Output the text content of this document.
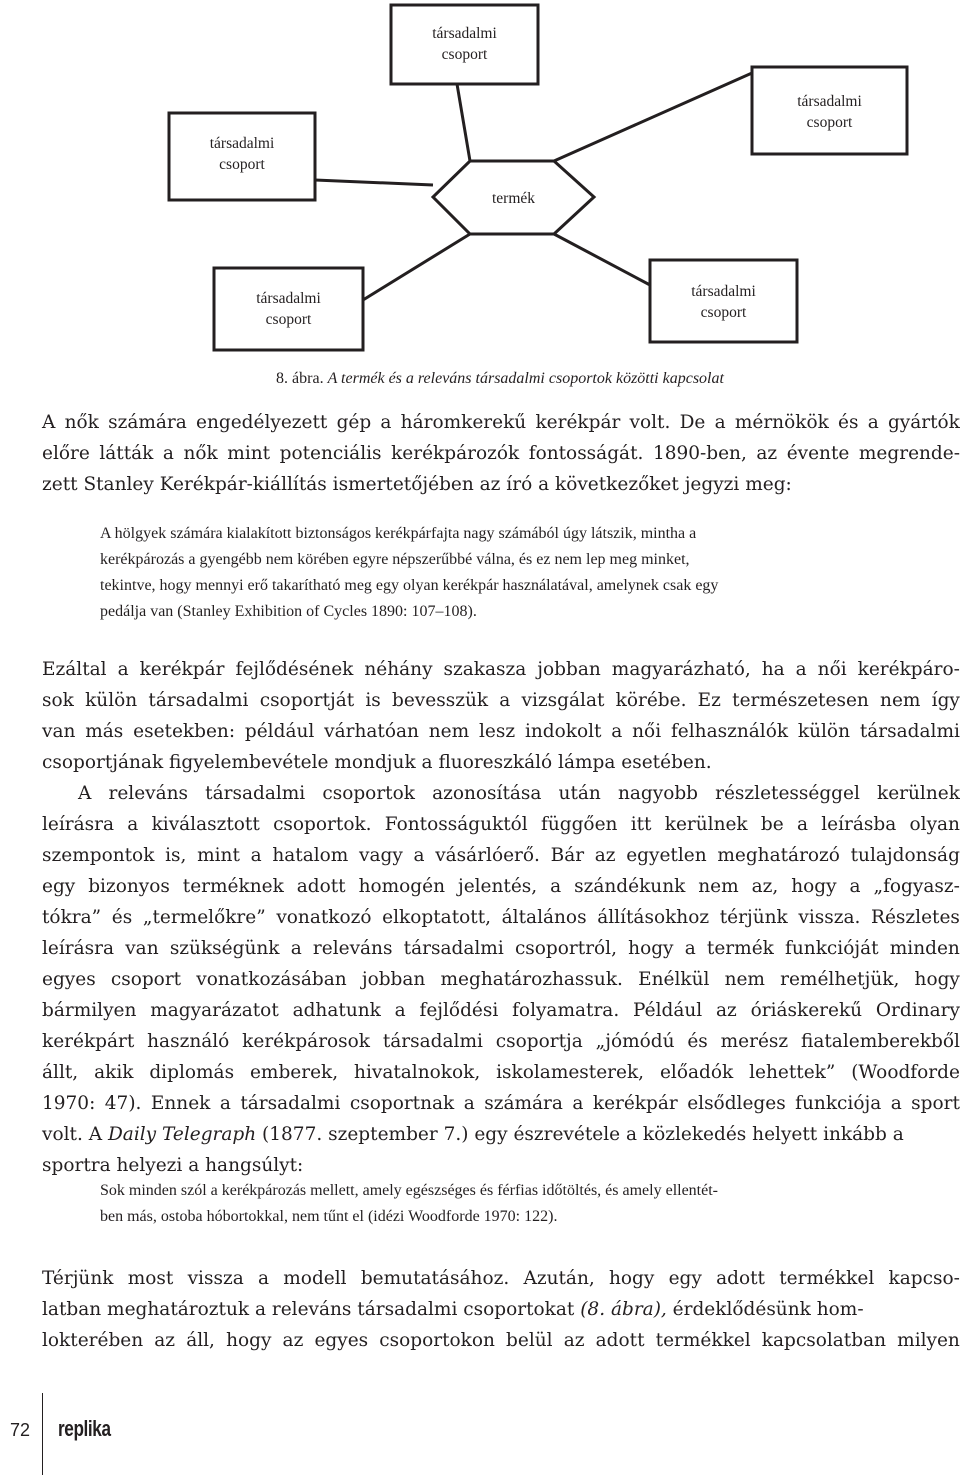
társadalmi
csoport
társadalmi
csoport
társadalmi
csoport
termék
társadalmi
csoport
társadalmi
csoport
8. ábra. A termék és a releváns társadalmi csoportok közötti kapcsolat
A nők számára engedélyezett gép a háromkerekű kerékpár volt. De a mérnökök és a gyártók
előre látták a nők mint potenciális kerékpározók fontosságát. 1890-ben, az évente megrende-
zett Stanley Kerékpár-kiállítás ismertetőjében az író a következőket jegyzi meg:
A hölgyek számára kialakított biztonságos kerékpárfajta nagy számából úgy látszik, mintha a
kerékpározás a gyengébb nem körében egyre népszerűbbé válna, és ez nem lep meg minket,
tekintve, hogy mennyi erő takarítható meg egy olyan kerékpár használatával, amelynek csak egy
pedálja van (Stanley Exhibition of Cycles 1890: 107–108).
Ezáltal a kerékpár fejlődésének néhány szakasza jobban magyarázható, ha a női kerékpáro-
sok külön társadalmi csoportját is bevesszük a vizsgálat körébe. Ez természetesen nem így
van más esetekben: például várhatóan nem lesz indokolt a női felhasználók külön társadalmi
csoportjának figyelembevétele mondjuk a fluoreszkáló lámpa esetében.
A releváns társadalmi csoportok azonosítása után nagyobb részletességgel kerülnek
leírásra a kiválasztott csoportok. Fontosságuktól függően itt kerülnek be a leírásba olyan
szempontok is, mint a hatalom vagy a vásárlóerő. Bár az egyetlen meghatározó tulajdonság
egy bizonyos terméknek adott homogén jelentés, a szándékunk nem az, hogy a „fogyasz-
tókra” és „termelőkre” vonatkozó elkoptatott, általános állításokhoz térjünk vissza. Részletes
leírásra van szükségünk a releváns társadalmi csoportról, hogy a termék funkcióját minden
egyes csoport vonatkozásában jobban meghatározhassuk. Enélkül nem remélhetjük, hogy
bármilyen magyarázatot adhatunk a fejlődési folyamatra. Például az óriáskerekű Ordinary
kerékpárt használó kerékpárosok társadalmi csoportja „jómódú és merész fiatalemberekből
állt, akik diplomás emberek, hivatalnokok, iskolamesterek, előadók lehettek” (Woodforde
1970: 47). Ennek a társadalmi csoportnak a számára a kerékpár elsődleges funkciója a sport
volt. A Daily Telegraph (1877. szeptember 7.) egy észrevétele a közlekedés helyett inkább a
sportra helyezi a hangsúlyt:
Sok minden szól a kerékpározás mellett, amely egészséges és férfias időtöltés, és amely ellentét-
ben más, ostoba hóbortokkal, nem tűnt el (idézi Woodforde 1970: 122).
Térjünk most vissza a modell bemutatásához. Azután, hogy egy adott termékkel kapcso-
latban meghatároztuk a releváns társadalmi csoportokat (8. ábra), érdeklődésünk hom-
lokterében az áll, hogy az egyes csoportokon belül az adott termékkel kapcsolatban milyen
72 replika
